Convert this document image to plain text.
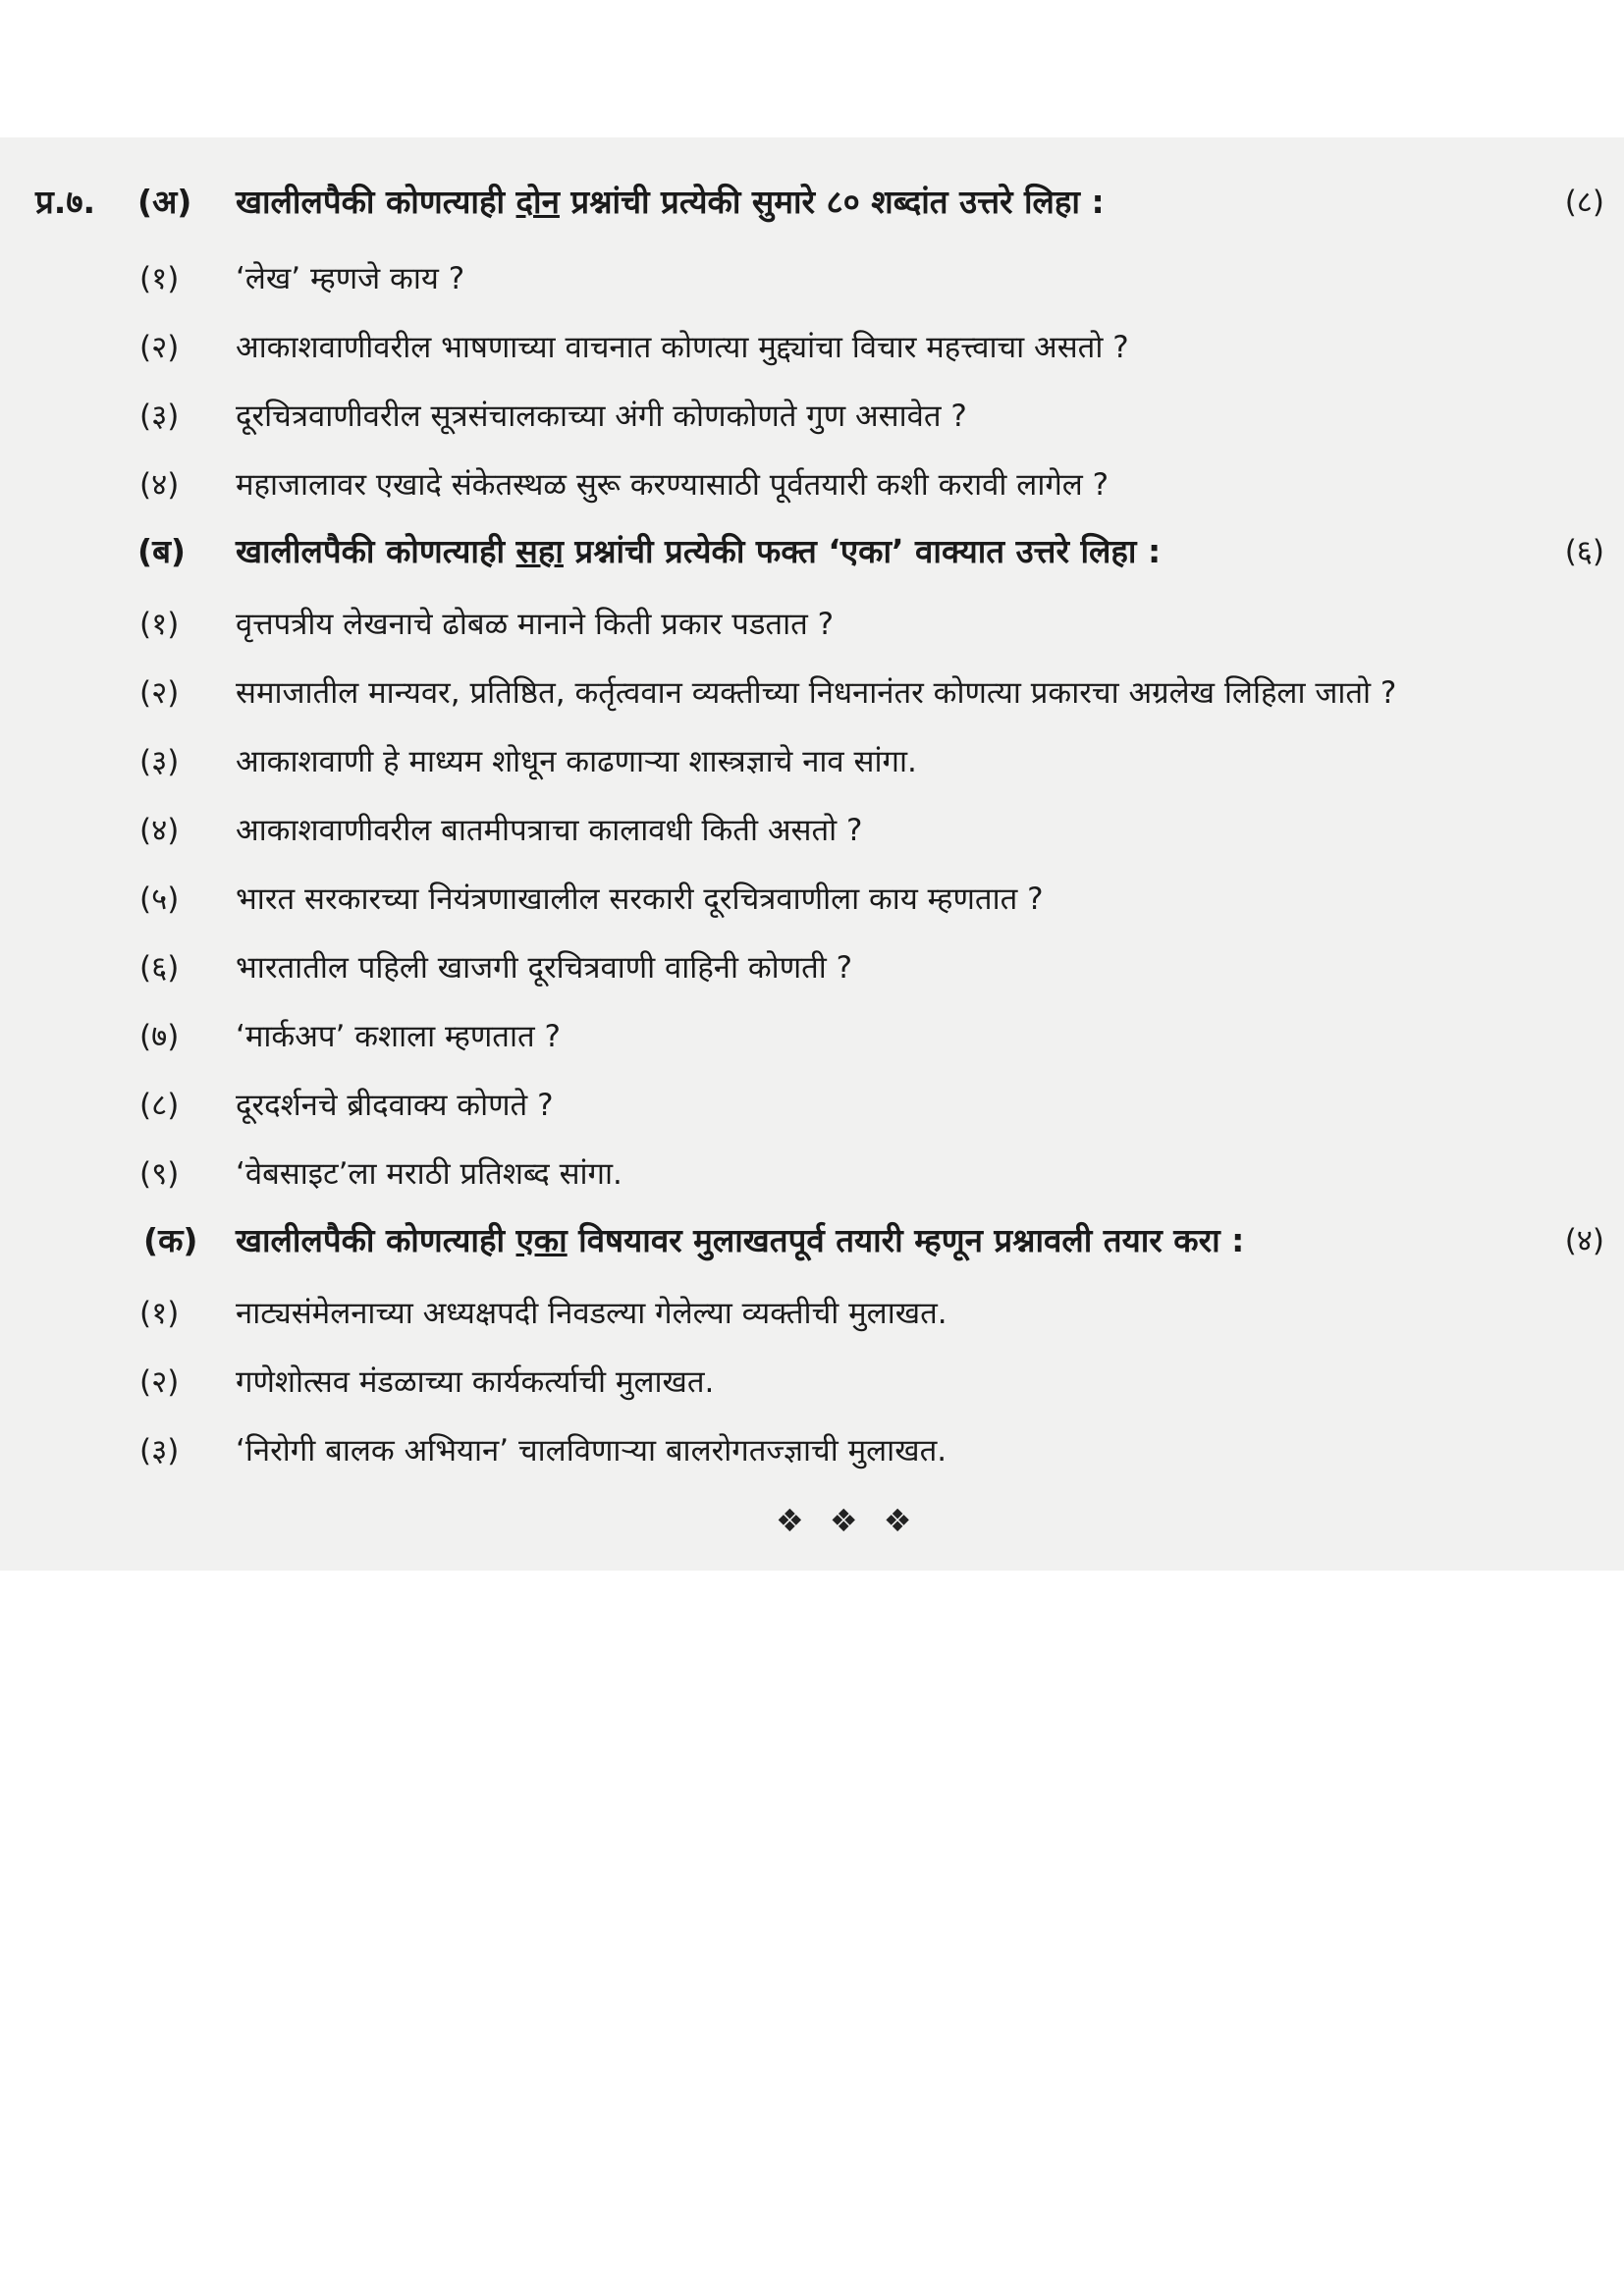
प्र.७. (अ) खालीलपैकी कोणत्याही दोन प्रश्नांची प्रत्येकी सुमारे ८० शब्दांत उत्तरे लिहा :	(८)
(१) ‘लेख’ म्हणजे काय ?
(२) आकाशवाणीवरील भाषणाच्या वाचनात कोणत्या मुद्द्यांचा विचार महत्त्वाचा असतो ?
(३) दूरचित्रवाणीवरील सूत्रसंचालकाच्या अंगी कोणकोणते गुण असावेत ?
(४) महाजालावर एखादे संकेतस्थळ सुरू करण्यासाठी पूर्वतयारी कशी करावी लागेल ?
(ब) खालीलपैकी कोणत्याही सहा प्रश्नांची प्रत्येकी फक्त ‘एका’ वाक्यात उत्तरे लिहा :	(६)
(१) वृत्तपत्रीय लेखनाचे ढोबळ मानाने किती प्रकार पडतात ?
(२) समाजातील मान्यवर, प्रतिष्ठित, कर्तृत्ववान व्यक्तीच्या निधनानंतर कोणत्या प्रकारचा अग्रलेख लिहिला जातो ?
(३) आकाशवाणी हे माध्यम शोधून काढणाऱ्या शास्त्रज्ञाचे नाव सांगा.
(४) आकाशवाणीवरील बातमीपत्राचा कालावधी किती असतो ?
(५) भारत सरकारच्या नियंत्रणाखालील सरकारी दूरचित्रवाणीला काय म्हणतात ?
(६) भारतातील पहिली खाजगी दूरचित्रवाणी वाहिनी कोणती ?
(७) ‘मार्कअप’ कशाला म्हणतात ?
(८) दूरदर्शनचे ब्रीदवाक्य कोणते ?
(९) ‘वेबसाइट’ला मराठी प्रतिशब्द सांगा.
(क) खालीलपैकी कोणत्याही एका विषयावर मुलाखतपूर्व तयारी म्हणून प्रश्नावली तयार करा :	(४)
(१) नाट्यसंमेलनाच्या अध्यक्षपदी निवडल्या गेलेल्या व्यक्तीची मुलाखत.
(२) गणेशोत्सव मंडळाच्या कार्यकर्त्याची मुलाखत.
(३) ‘निरोगी बालक अभियान’ चालविणाऱ्या बालरोगतज्ज्ञाची मुलाखत.
❖ ❖ ❖
